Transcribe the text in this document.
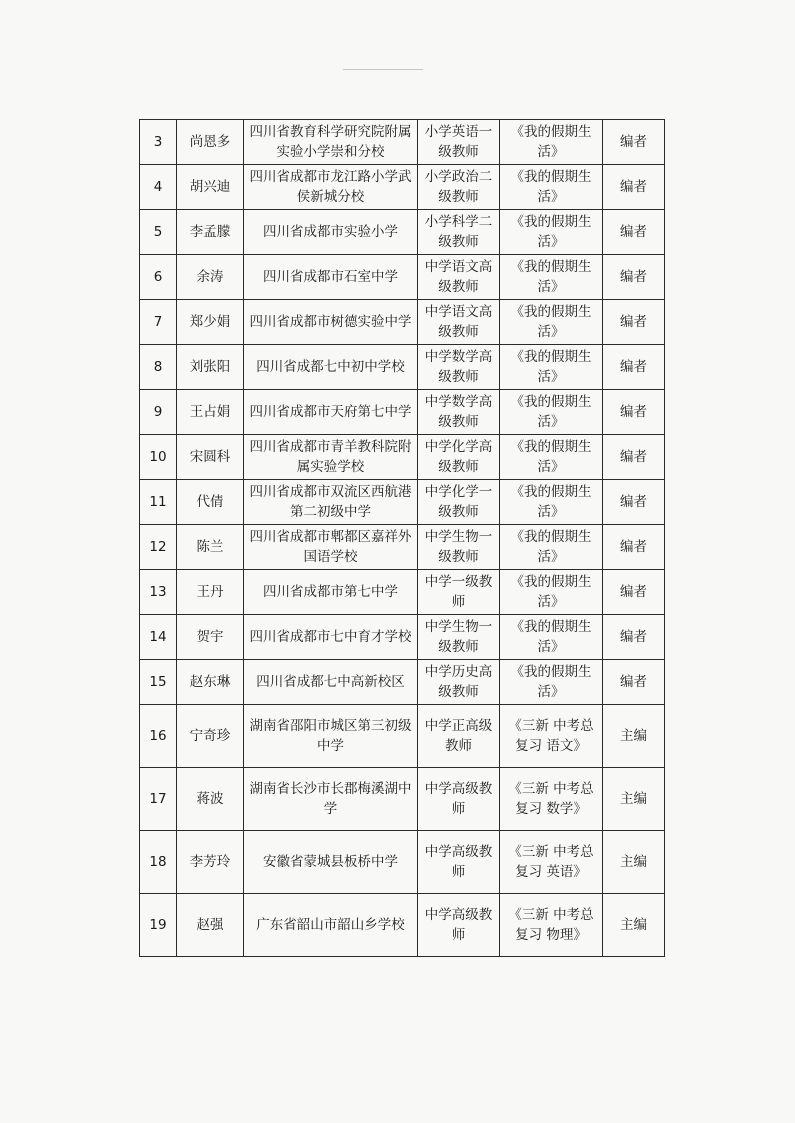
3	尚恩多	四川省教育科学研究院附属实验小学崇和分校	小学英语一级教师	《我的假期生活》	编者
4	胡兴迪	四川省成都市龙江路小学武侯新城分校	小学政治二级教师	《我的假期生活》	编者
5	李孟朦	四川省成都市实验小学	小学科学二级教师	《我的假期生活》	编者
6	余涛	四川省成都市石室中学	中学语文高级教师	《我的假期生活》	编者
7	郑少娟	四川省成都市树德实验中学	中学语文高级教师	《我的假期生活》	编者
8	刘张阳	四川省成都七中初中学校	中学数学高级教师	《我的假期生活》	编者
9	王占娟	四川省成都市天府第七中学	中学数学高级教师	《我的假期生活》	编者
10	宋圆科	四川省成都市青羊教科院附属实验学校	中学化学高级教师	《我的假期生活》	编者
11	代倩	四川省成都市双流区西航港第二初级中学	中学化学一级教师	《我的假期生活》	编者
12	陈兰	四川省成都市郫都区嘉祥外国语学校	中学生物一级教师	《我的假期生活》	编者
13	王丹	四川省成都市第七中学	中学一级教师	《我的假期生活》	编者
14	贺宇	四川省成都市七中育才学校	中学生物一级教师	《我的假期生活》	编者
15	赵东琳	四川省成都七中高新校区	中学历史高级教师	《我的假期生活》	编者
16	宁奇珍	湖南省邵阳市城区第三初级中学	中学正高级教师	《三新 中考总复习 语文》	主编
17	蒋波	湖南省长沙市长郡梅溪湖中学	中学高级教师	《三新 中考总复习 数学》	主编
18	李芳玲	安徽省蒙城县板桥中学	中学高级教师	《三新 中考总复习 英语》	主编
19	赵强	广东省韶山市韶山乡学校	中学高级教师	《三新 中考总复习 物理》	主编
